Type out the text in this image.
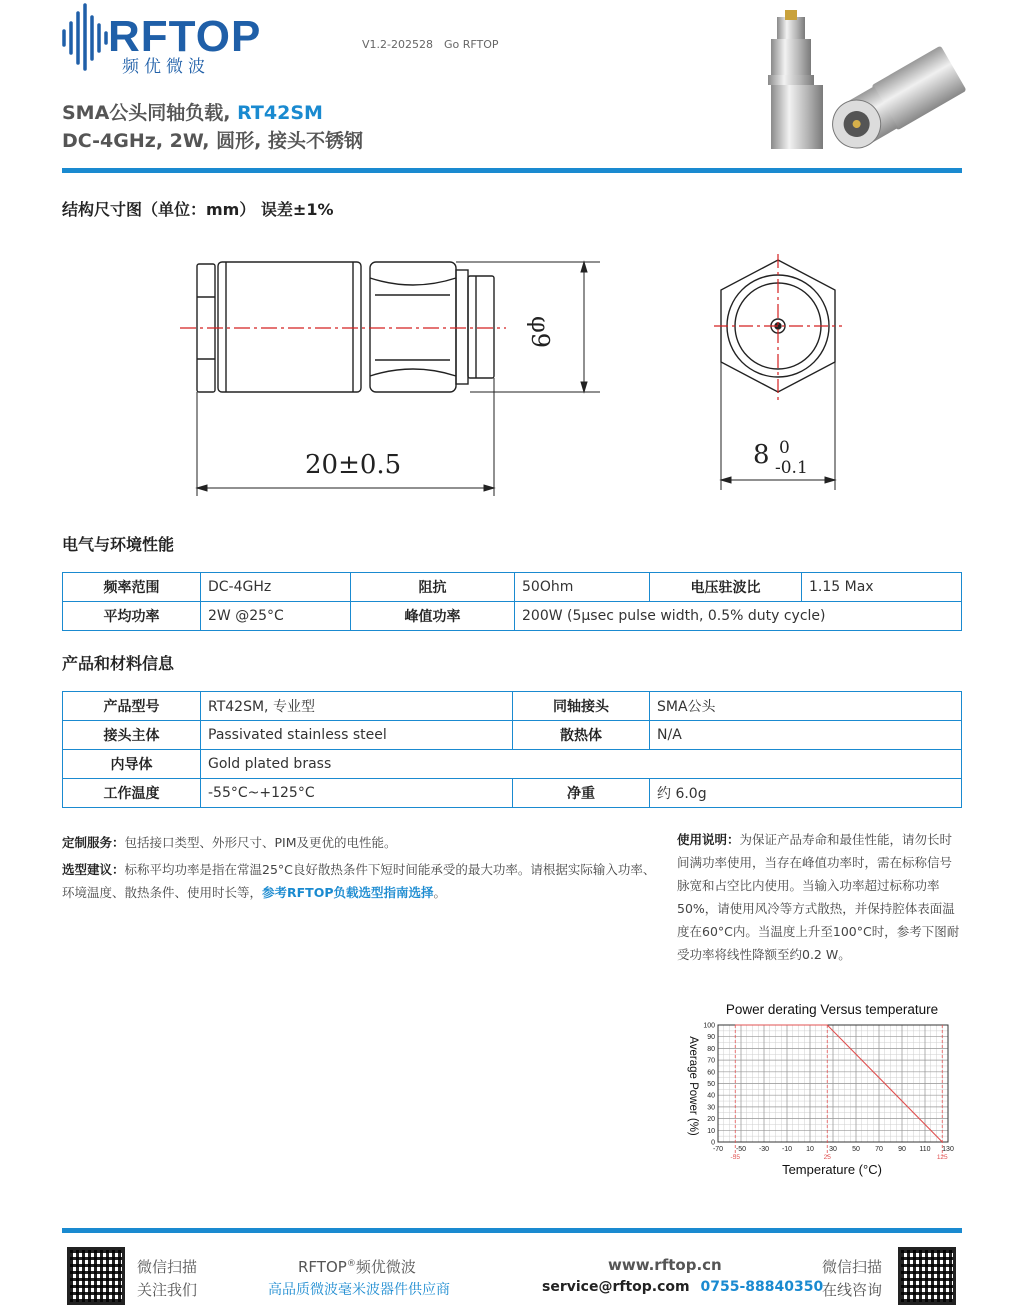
RFTOP
频优微波
V1.2-202528 Go RFTOP
SMA公头同轴负载, RT42SM
DC-4GHz, 2W, 圆形, 接头不锈钢
结构尺寸图（单位：mm） 误差±1%
20±0.5
φ9
8 0
-0.1
电气与环境性能
频率范围	DC-4GHz	阻抗	50Ohm	电压驻波比	1.15 Max
平均功率	2W @25°C	峰值功率	200W (5µsec pulse width, 0.5% duty cycle)		
产品和材料信息
产品型号	RT42SM, 专业型	同轴接头	SMA公头
接头主体	Passivated stainless steel	散热体	N/A
内导体	Gold plated brass		
工作温度	-55°C~+125°C	净重	约 6.0g
定制服务：包括接口类型、外形尺寸、PIM及更优的电性能。
选型建议：标称平均功率是指在常温25°C良好散热条件下短时间能承受的最大功率。请根据实际输入功率、环境温度、散热条件、使用时长等，参考RFTOP负载选型指南选择。
使用说明：为保证产品寿命和最佳性能，请勿长时间满功率使用，当存在峰值功率时，需在标称信号脉宽和占空比内使用。当输入功率超过标称功率50%，请使用风冷等方式散热，并保持腔体表面温度在60°C内。当温度上升至100°C时，参考下图耐受功率将线性降额至约0.2 W。
Power derating Versus temperature
Temperature (°C)
Average Power (%)
-70 -50 -30 -10 10 30 50 70 90 110 130
0
10
20
30
40
50
60
70
80
90
100
-55	25	125
微信扫描
关注我们
RFTOP®频优微波
高品质微波毫米波器件供应商
www.rftop.cn
service@rftop.com 0755-88840350
微信扫描
在线咨询
